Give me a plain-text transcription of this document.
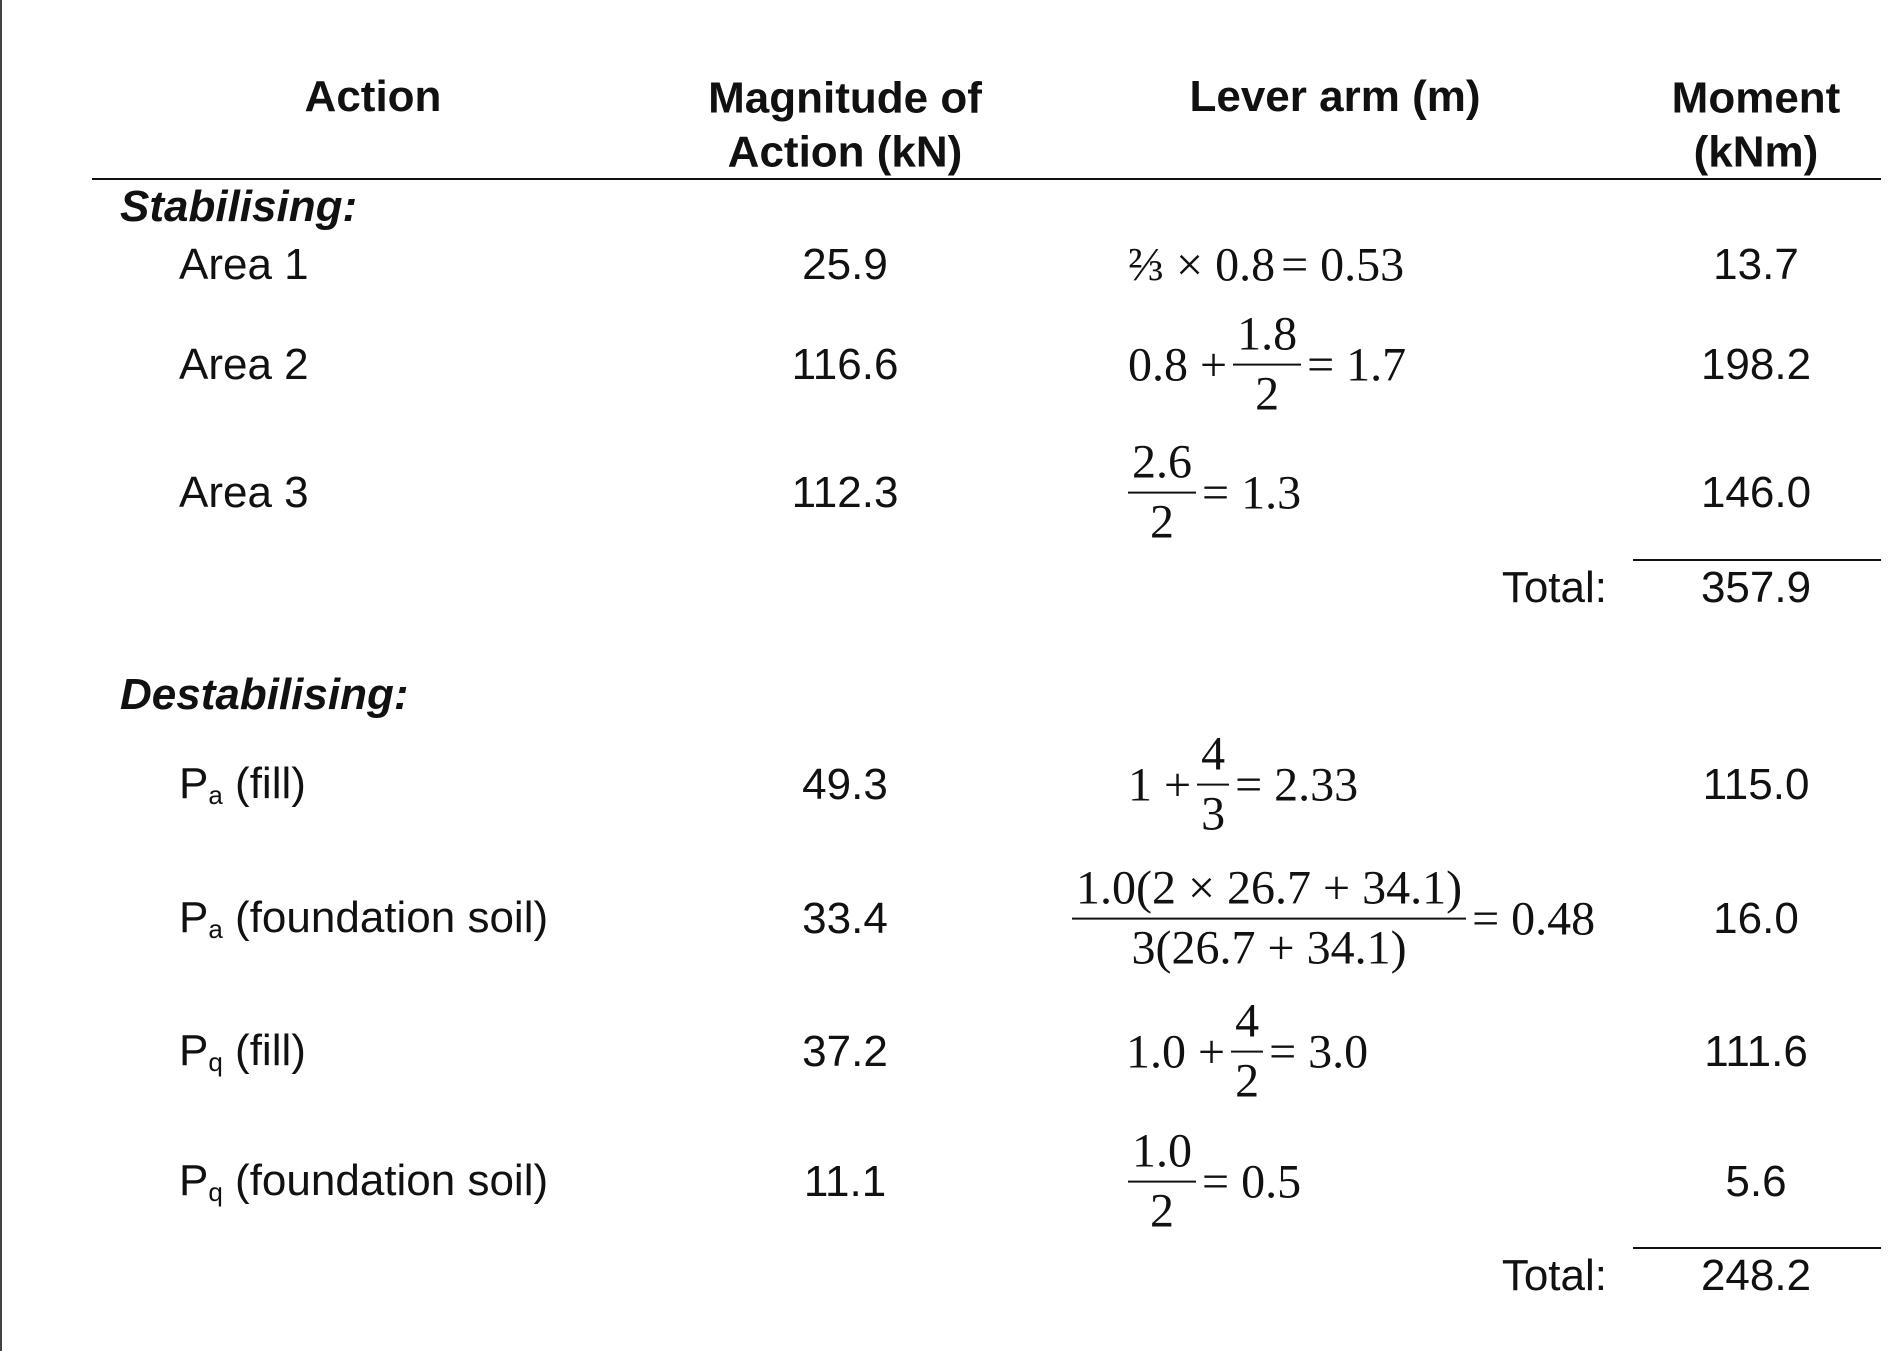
Action	Magnitude of
Action (kN)
Lever arm (m)	Moment
(kNm)
Stabilising:
Area 1	25.9	⅔ × 0.8 = 0.53	13.7
Area 2	116.6	$0.8 + \frac{1.8}{2} = 1.7$	198.2
Area 3	112.3	$\frac{2.6}{2} = 1.3$	146.0
Total: 357.9
Destabilising:
$P_a$ (fill)	49.3	$1 + \frac{4}{3} = 2.33$	115.0
$P_a$ (foundation soil)	33.4	$\frac{1.0(2 \times 26.7 + 34.1)}{3(26.7 + 34.1)} = 0.48$	16.0
$P_q$ (fill)	37.2	$1.0 + \frac{4}{2} = 3.0$	111.6
$P_q$ (foundation soil)	11.1	$\frac{1.0}{2} = 0.5$	5.6
Total: 248.2
